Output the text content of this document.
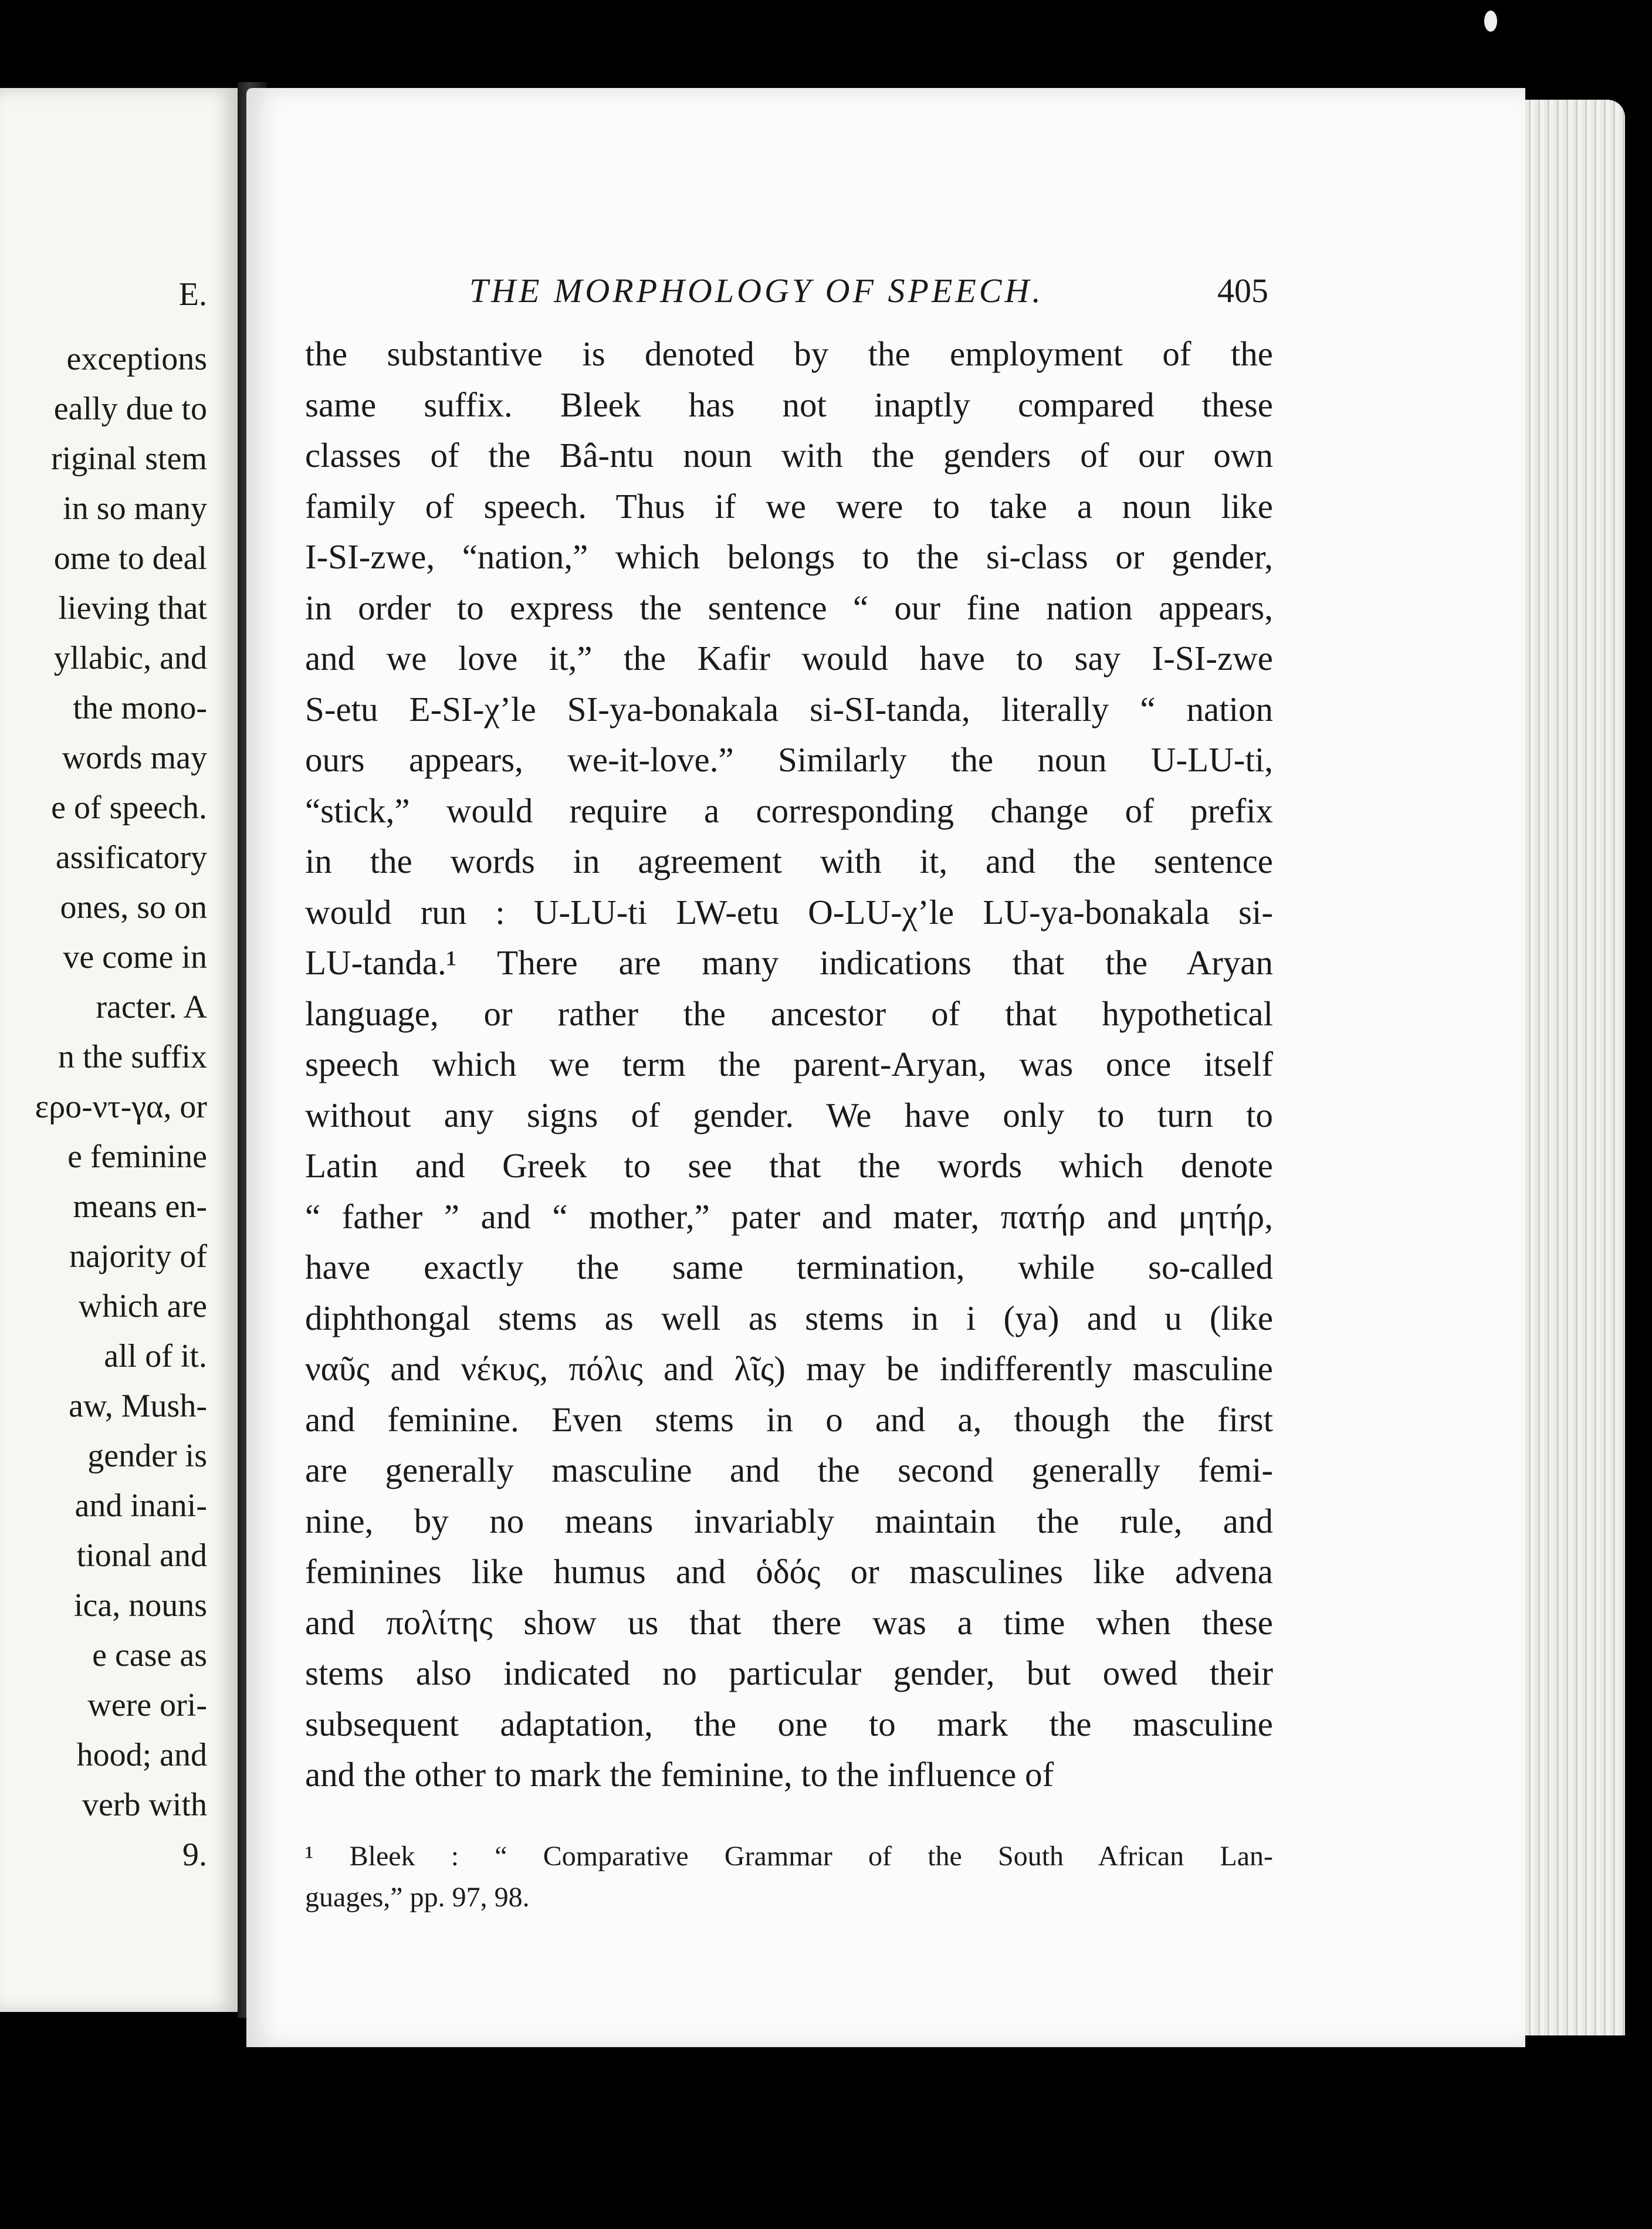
E.
exceptions
eally due to
riginal stem
in so many
ome to deal
lieving that
yllabic, and
the mono-
words may
e of speech.
assificatory
ones, so on
ve come in
racter. A
n the suffix
ερο-ντ-γα, or
e feminine
means en-
najority of
which are
all of it.
aw, Mush-
gender is
and inani-
tional and
ica, nouns
e case as
were ori-
hood; and
verb with
9.
THE MORPHOLOGY OF SPEECH.	405
the substantive is denoted by the employment of the
same suffix. Bleek has not inaptly compared these
classes of the Bâ-ntu noun with the genders of our own
family of speech. Thus if we were to take a noun like
I-SI-zwe, “nation,” which belongs to the si-class or gender,
in order to express the sentence “ our fine nation appears,
and we love it,” the Kafir would have to say I-SI-zwe
S-etu E-SI-χ’le SI-ya-bonakala si-SI-tanda, literally “ nation
ours appears, we-it-love.” Similarly the noun U-LU-ti,
“stick,” would require a corresponding change of prefix
in the words in agreement with it, and the sentence
would run : U-LU-ti LW-etu O-LU-χ’le LU-ya-bonakala si-
LU-tanda.¹ There are many indications that the Aryan
language, or rather the ancestor of that hypothetical
speech which we term the parent-Aryan, was once itself
without any signs of gender. We have only to turn to
Latin and Greek to see that the words which denote
“ father ” and “ mother,” pater and mater, πατήρ and μητήρ,
have exactly the same termination, while so-called
diphthongal stems as well as stems in i (ya) and u (like
ναῦς and νέκυς, πόλις and λῖς) may be indifferently masculine
and feminine. Even stems in o and a, though the first
are generally masculine and the second generally femi-
nine, by no means invariably maintain the rule, and
feminines like humus and ὁδός or masculines like advena
and πολίτης show us that there was a time when these
stems also indicated no particular gender, but owed their
subsequent adaptation, the one to mark the masculine
and the other to mark the feminine, to the influence of
¹ Bleek : “ Comparative Grammar of the South African Lan-
guages,” pp. 97, 98.
